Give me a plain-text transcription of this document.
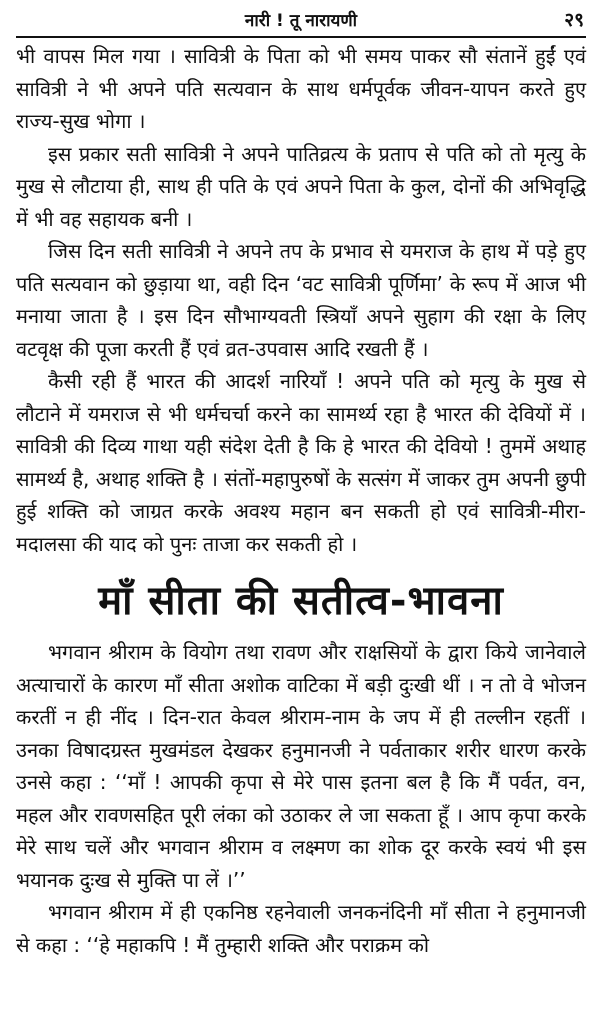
नारी ! तू नारायणी	२९

भी वापस मिल गया । सावित्री के पिता को भी समय पाकर सौ संतानें हुईं एवं सावित्री ने भी अपने पति सत्यवान के साथ धर्मपूर्वक जीवन-यापन करते हुए राज्य-सुख भोगा ।

इस प्रकार सती सावित्री ने अपने पातिव्रत्य के प्रताप से पति को तो मृत्यु के मुख से लौटाया ही, साथ ही पति के एवं अपने पिता के कुल, दोनों की अभिवृद्धि में भी वह सहायक बनी ।

जिस दिन सती सावित्री ने अपने तप के प्रभाव से यमराज के हाथ में पड़े हुए पति सत्यवान को छुड़ाया था, वही दिन ‘वट सावित्री पूर्णिमा’ के रूप में आज भी मनाया जाता है । इस दिन सौभाग्यवती स्त्रियाँ अपने सुहाग की रक्षा के लिए वटवृक्ष की पूजा करती हैं एवं व्रत-उपवास आदि रखती हैं ।

कैसी रही हैं भारत की आदर्श नारियाँ ! अपने पति को मृत्यु के मुख से लौटाने में यमराज से भी धर्मचर्चा करने का सामर्थ्य रहा है भारत की देवियों में । सावित्री की दिव्य गाथा यही संदेश देती है कि हे भारत की देवियो ! तुममें अथाह सामर्थ्य है, अथाह शक्ति है । संतों-महापुरुषों के सत्संग में जाकर तुम अपनी छुपी हुई शक्ति को जाग्रत करके अवश्य महान बन सकती हो एवं सावित्री-मीरा-मदालसा की याद को पुनः ताजा कर सकती हो ।

माँ सीता की सतीत्व-भावना

भगवान श्रीराम के वियोग तथा रावण और राक्षसियों के द्वारा किये जानेवाले अत्याचारों के कारण माँ सीता अशोक वाटिका में बड़ी दुःखी थीं । न तो वे भोजन करतीं न ही नींद । दिन-रात केवल श्रीराम-नाम के जप में ही तल्लीन रहतीं । उनका विषादग्रस्त मुखमंडल देखकर हनुमानजी ने पर्वताकार शरीर धारण करके उनसे कहा : ‘‘माँ ! आपकी कृपा से मेरे पास इतना बल है कि मैं पर्वत, वन, महल और रावणसहित पूरी लंका को उठाकर ले जा सकता हूँ । आप कृपा करके मेरे साथ चलें और भगवान श्रीराम व लक्ष्मण का शोक दूर करके स्वयं भी इस भयानक दुःख से मुक्ति पा लें ।’’

भगवान श्रीराम में ही एकनिष्ठ रहनेवाली जनकनंदिनी माँ सीता ने हनुमानजी से कहा : ‘‘हे महाकपि ! मैं तुम्हारी शक्ति और पराक्रम को
